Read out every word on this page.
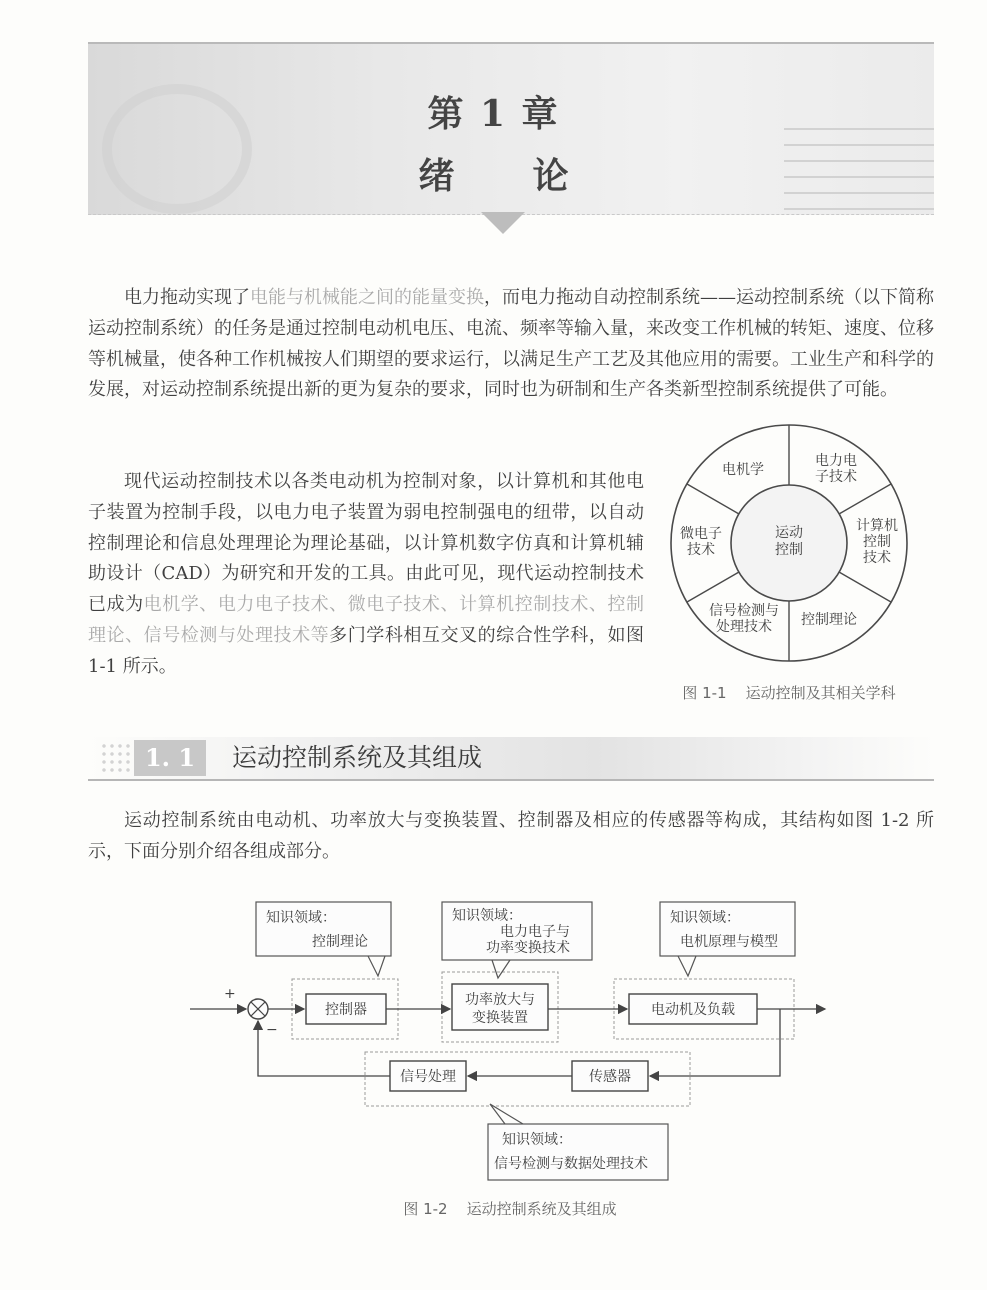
第 1 章
绪论
电力拖动实现了电能与机械能之间的能量变换，而电力拖动自动控制系统——运动控制系统（以下简称运动控制系统）的任务是通过控制电动机电压、电流、频率等输入量，来改变工作机械的转矩、速度、位移等机械量，使各种工作机械按人们期望的要求运行，以满足生产工艺及其他应用的需要。工业生产和科学的发展，对运动控制系统提出新的更为复杂的要求，同时也为研制和生产各类新型控制系统提供了可能。
现代运动控制技术以各类电动机为控制对象，以计算机和其他电子装置为控制手段，以电力电子装置为弱电控制强电的纽带，以自动控制理论和信息处理理论为理论基础，以计算机数字仿真和计算机辅助设计（CAD）为研究和开发的工具。由此可见，现代运动控制技术已成为电机学、电力电子技术、微电子技术、计算机控制技术、控制理论、信号检测与处理技术等多门学科相互交叉的综合性学科，如图 1-1 所示。
运动
控制
电机学
电力电
子技术
计算机
控制
技术
控制理论
信号检测与
处理技术
微电子
技术
图 1-1    运动控制及其相关学科
1. 1	运动控制系统及其组成
运动控制系统由电动机、功率放大与变换装置、控制器及相应的传感器等构成，其结构如图 1-2 所示，下面分别介绍各组成部分。
+
−
控制器
功率放大与
变换装置	电动机及负载
传感器
信号处理
知识领域：
控制理论
知识领域：
电力电子与
功率变换技术
知识领域：
电机原理与模型
知识领域：
信号检测与数据处理技术
图 1-2    运动控制系统及其组成
